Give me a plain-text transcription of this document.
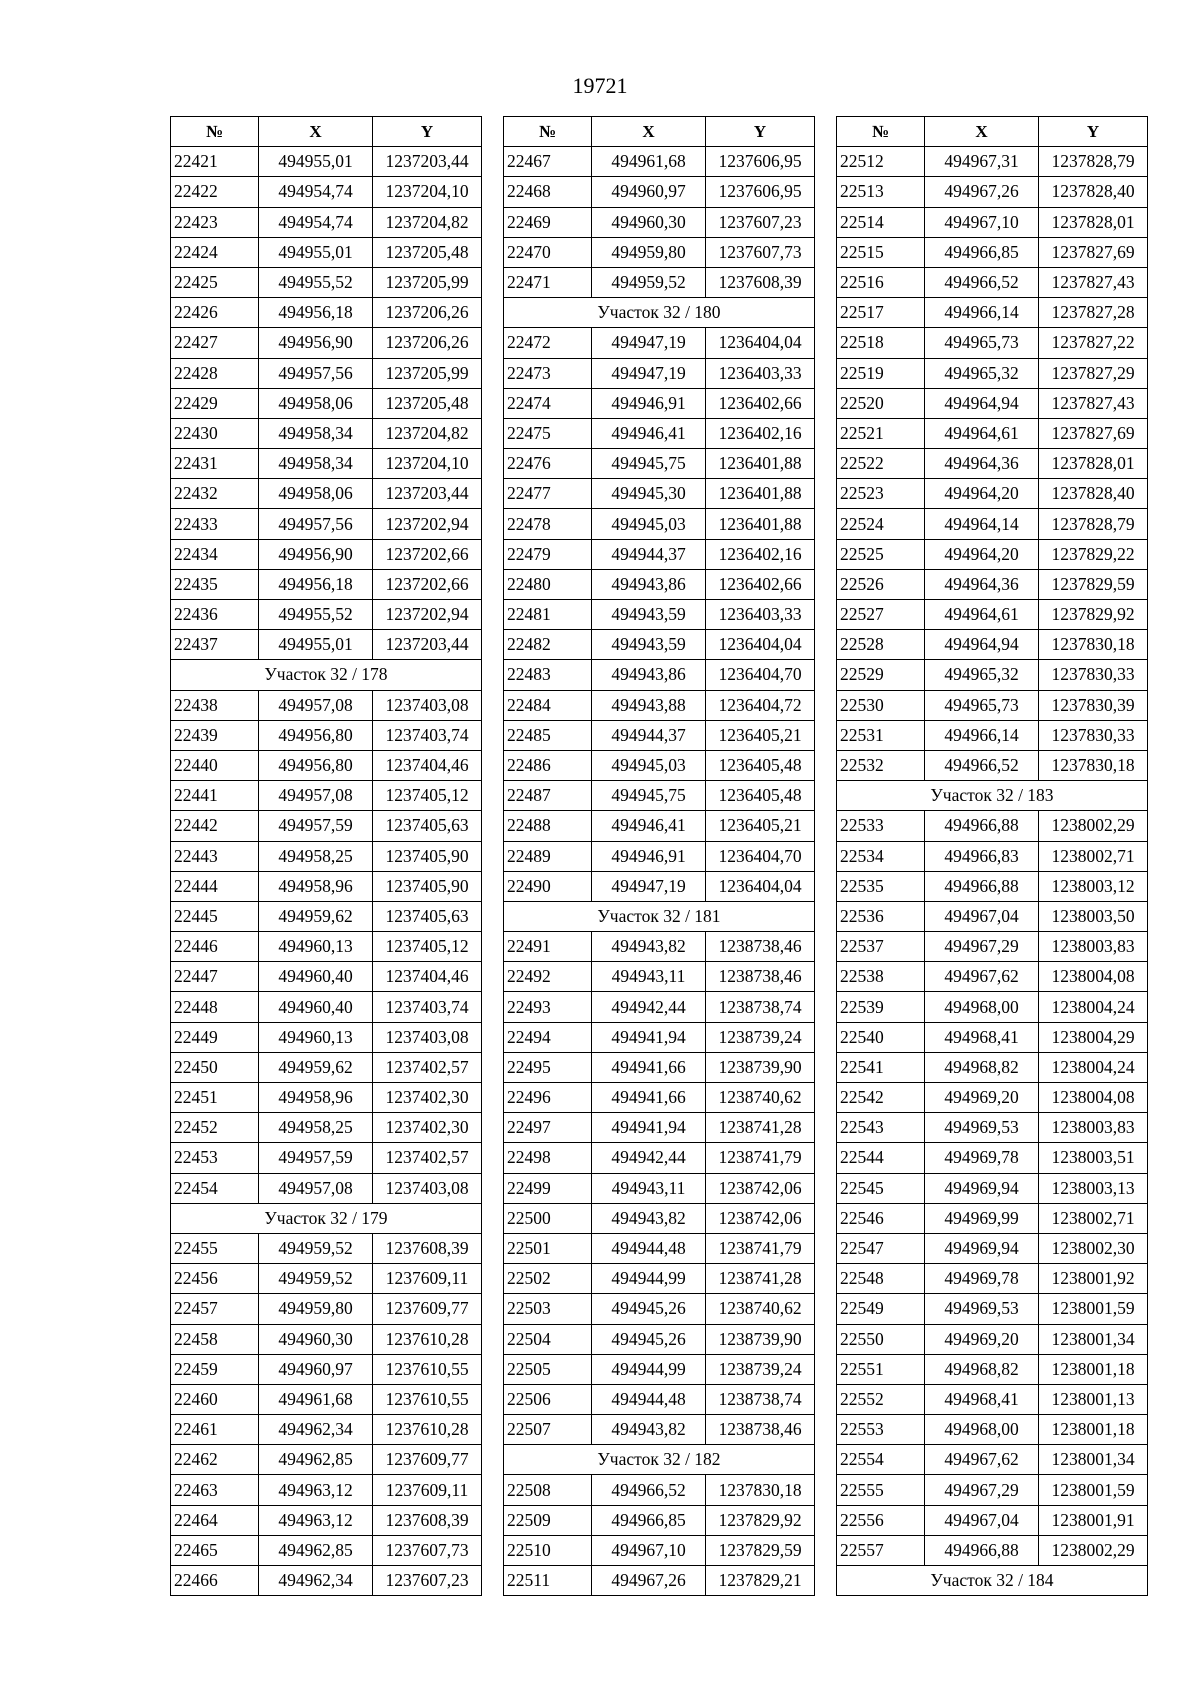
19721
№	X	Y
22421	494955,01	1237203,44
22422	494954,74	1237204,10
22423	494954,74	1237204,82
22424	494955,01	1237205,48
22425	494955,52	1237205,99
22426	494956,18	1237206,26
22427	494956,90	1237206,26
22428	494957,56	1237205,99
22429	494958,06	1237205,48
22430	494958,34	1237204,82
22431	494958,34	1237204,10
22432	494958,06	1237203,44
22433	494957,56	1237202,94
22434	494956,90	1237202,66
22435	494956,18	1237202,66
22436	494955,52	1237202,94
22437	494955,01	1237203,44
Участок 32 / 178		
22438	494957,08	1237403,08
22439	494956,80	1237403,74
22440	494956,80	1237404,46
22441	494957,08	1237405,12
22442	494957,59	1237405,63
22443	494958,25	1237405,90
22444	494958,96	1237405,90
22445	494959,62	1237405,63
22446	494960,13	1237405,12
22447	494960,40	1237404,46
22448	494960,40	1237403,74
22449	494960,13	1237403,08
22450	494959,62	1237402,57
22451	494958,96	1237402,30
22452	494958,25	1237402,30
22453	494957,59	1237402,57
22454	494957,08	1237403,08
Участок 32 / 179		
22455	494959,52	1237608,39
22456	494959,52	1237609,11
22457	494959,80	1237609,77
22458	494960,30	1237610,28
22459	494960,97	1237610,55
22460	494961,68	1237610,55
22461	494962,34	1237610,28
22462	494962,85	1237609,77
22463	494963,12	1237609,11
22464	494963,12	1237608,39
22465	494962,85	1237607,73
22466	494962,34	1237607,23
№	X	Y
22467	494961,68	1237606,95
22468	494960,97	1237606,95
22469	494960,30	1237607,23
22470	494959,80	1237607,73
22471	494959,52	1237608,39
Участок 32 / 180		
22472	494947,19	1236404,04
22473	494947,19	1236403,33
22474	494946,91	1236402,66
22475	494946,41	1236402,16
22476	494945,75	1236401,88
22477	494945,30	1236401,88
22478	494945,03	1236401,88
22479	494944,37	1236402,16
22480	494943,86	1236402,66
22481	494943,59	1236403,33
22482	494943,59	1236404,04
22483	494943,86	1236404,70
22484	494943,88	1236404,72
22485	494944,37	1236405,21
22486	494945,03	1236405,48
22487	494945,75	1236405,48
22488	494946,41	1236405,21
22489	494946,91	1236404,70
22490	494947,19	1236404,04
Участок 32 / 181		
22491	494943,82	1238738,46
22492	494943,11	1238738,46
22493	494942,44	1238738,74
22494	494941,94	1238739,24
22495	494941,66	1238739,90
22496	494941,66	1238740,62
22497	494941,94	1238741,28
22498	494942,44	1238741,79
22499	494943,11	1238742,06
22500	494943,82	1238742,06
22501	494944,48	1238741,79
22502	494944,99	1238741,28
22503	494945,26	1238740,62
22504	494945,26	1238739,90
22505	494944,99	1238739,24
22506	494944,48	1238738,74
22507	494943,82	1238738,46
Участок 32 / 182		
22508	494966,52	1237830,18
22509	494966,85	1237829,92
22510	494967,10	1237829,59
22511	494967,26	1237829,21
№	X	Y
22512	494967,31	1237828,79
22513	494967,26	1237828,40
22514	494967,10	1237828,01
22515	494966,85	1237827,69
22516	494966,52	1237827,43
22517	494966,14	1237827,28
22518	494965,73	1237827,22
22519	494965,32	1237827,29
22520	494964,94	1237827,43
22521	494964,61	1237827,69
22522	494964,36	1237828,01
22523	494964,20	1237828,40
22524	494964,14	1237828,79
22525	494964,20	1237829,22
22526	494964,36	1237829,59
22527	494964,61	1237829,92
22528	494964,94	1237830,18
22529	494965,32	1237830,33
22530	494965,73	1237830,39
22531	494966,14	1237830,33
22532	494966,52	1237830,18
Участок 32 / 183		
22533	494966,88	1238002,29
22534	494966,83	1238002,71
22535	494966,88	1238003,12
22536	494967,04	1238003,50
22537	494967,29	1238003,83
22538	494967,62	1238004,08
22539	494968,00	1238004,24
22540	494968,41	1238004,29
22541	494968,82	1238004,24
22542	494969,20	1238004,08
22543	494969,53	1238003,83
22544	494969,78	1238003,51
22545	494969,94	1238003,13
22546	494969,99	1238002,71
22547	494969,94	1238002,30
22548	494969,78	1238001,92
22549	494969,53	1238001,59
22550	494969,20	1238001,34
22551	494968,82	1238001,18
22552	494968,41	1238001,13
22553	494968,00	1238001,18
22554	494967,62	1238001,34
22555	494967,29	1238001,59
22556	494967,04	1238001,91
22557	494966,88	1238002,29
Участок 32 / 184		
